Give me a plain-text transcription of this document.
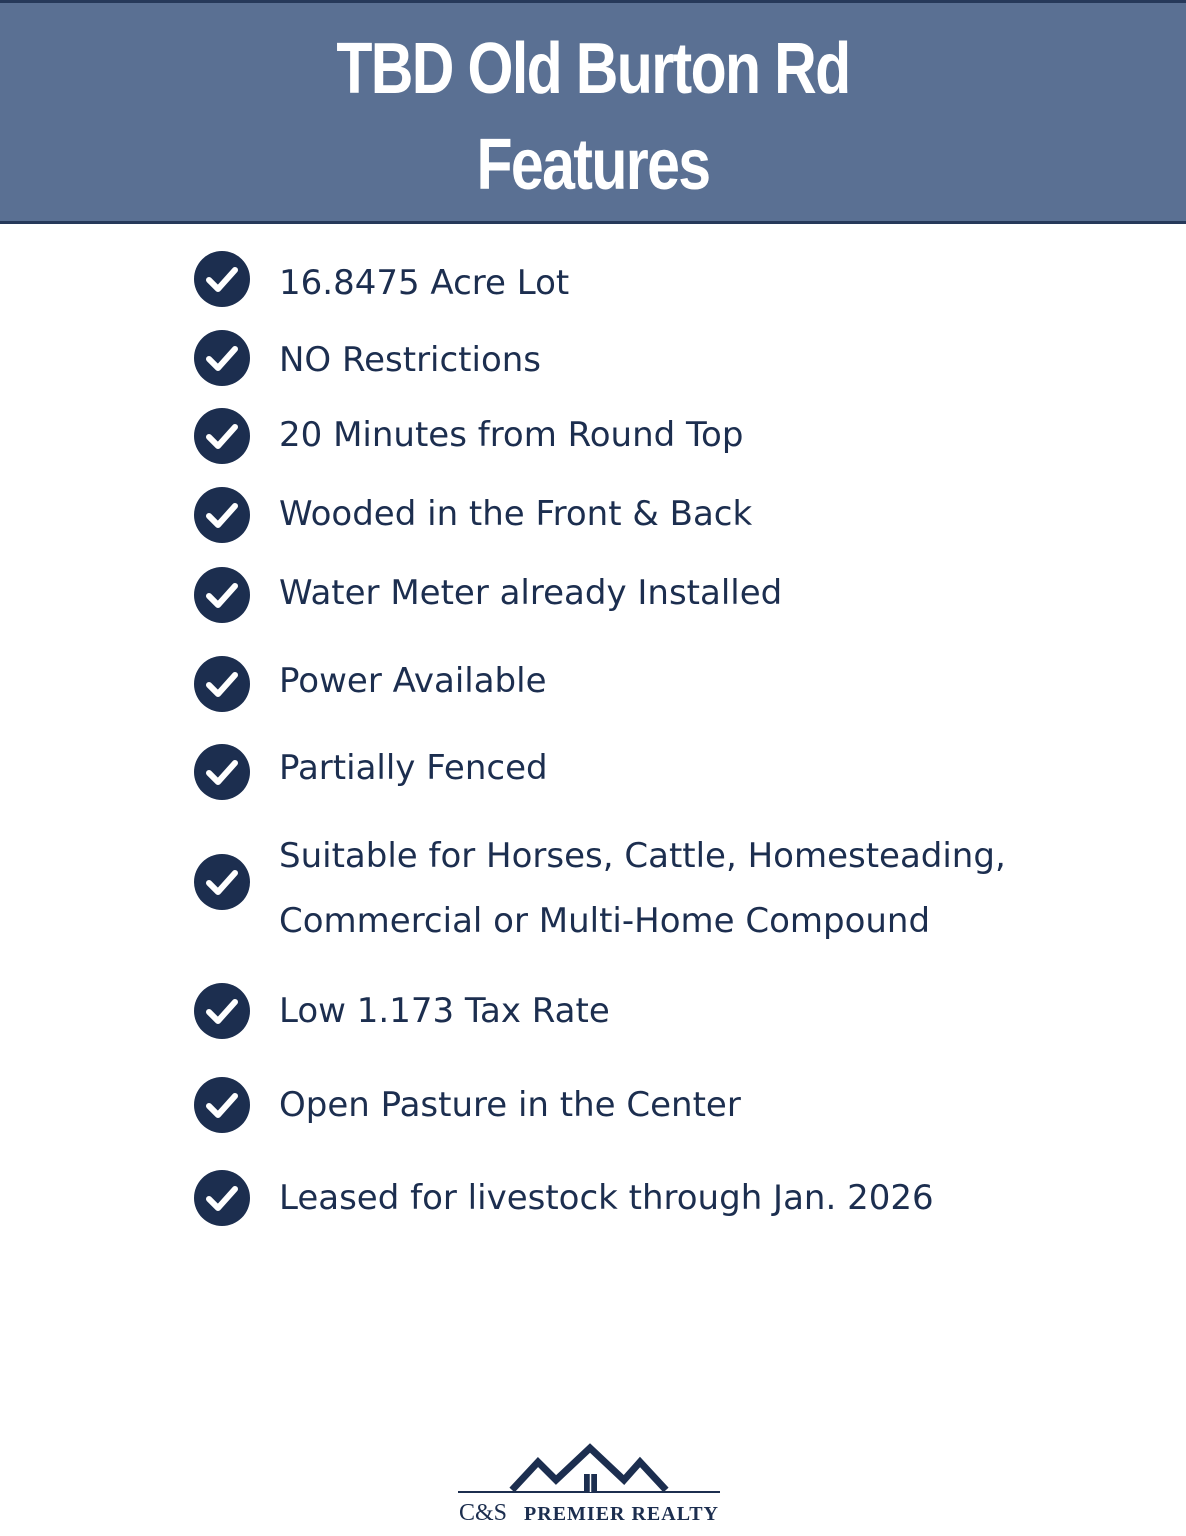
TBD Old Burton Rd
Features
16.8475 Acre Lot
NO Restrictions
20 Minutes from Round Top
Wooded in the Front & Back
Water Meter already Installed
Power Available
Partially Fenced
Suitable for Horses, Cattle, Homesteading, Commercial or Multi-Home Compound
Low 1.173 Tax Rate
Open Pasture in the Center
Leased for livestock through Jan. 2026
C&S PREMIER REALTY
